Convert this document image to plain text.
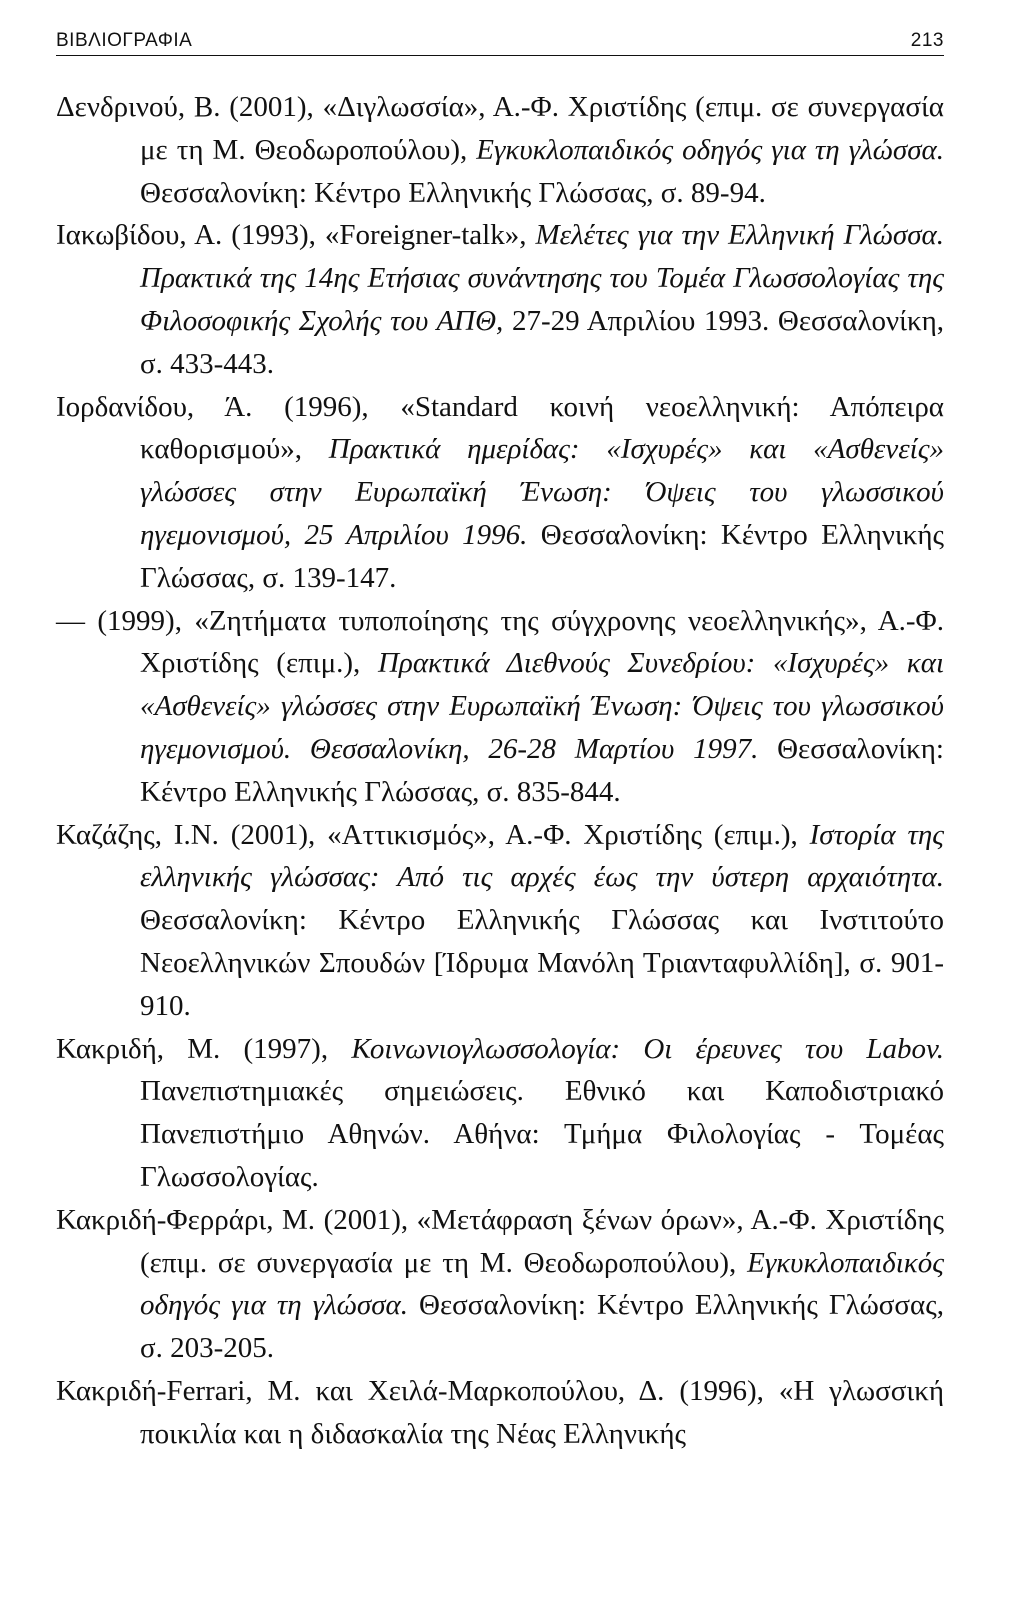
ΒΙΒΛΙΟΓΡΑΦΙΑ	213

Δενδρινού, Β. (2001), «Διγλωσσία», Α.-Φ. Χριστίδης (επιμ. σε συνεργασία με τη Μ. Θεοδωροπούλου), Εγκυκλοπαιδικός οδηγός για τη γλώσσα. Θεσσαλονίκη: Κέντρο Ελληνικής Γλώσσας, σ. 89-94.

Ιακωβίδου, Α. (1993), «Foreigner-talk», Μελέτες για την Ελληνική Γλώσσα. Πρακτικά της 14ης Ετήσιας συνάντησης του Τομέα Γλωσσολογίας της Φιλοσοφικής Σχολής του ΑΠΘ, 27-29 Απριλίου 1993. Θεσσαλονίκη, σ. 433-443.

Ιορδανίδου, Ά. (1996), «Standard κοινή νεοελληνική: Απόπειρα καθορισμού», Πρακτικά ημερίδας: «Ισχυρές» και «Ασθενείς» γλώσσες στην Ευρωπαϊκή Ένωση: Όψεις του γλωσσικού ηγεμονισμού, 25 Απριλίου 1996. Θεσσαλονίκη: Κέντρο Ελληνικής Γλώσσας, σ. 139-147.

— (1999), «Ζητήματα τυποποίησης της σύγχρονης νεοελληνικής», Α.-Φ. Χριστίδης (επιμ.), Πρακτικά Διεθνούς Συνεδρίου: «Ισχυρές» και «Ασθενείς» γλώσσες στην Ευρωπαϊκή Ένωση: Όψεις του γλωσσικού ηγεμονισμού. Θεσσαλονίκη, 26-28 Μαρτίου 1997. Θεσσαλονίκη: Κέντρο Ελληνικής Γλώσσας, σ. 835-844.

Καζάζης, Ι.Ν. (2001), «Αττικισμός», Α.-Φ. Χριστίδης (επιμ.), Ιστορία της ελληνικής γλώσσας: Από τις αρχές έως την ύστερη αρχαιότητα. Θεσσαλονίκη: Κέντρο Ελληνικής Γλώσσας και Ινστιτούτο Νεοελληνικών Σπουδών [Ίδρυμα Μανόλη Τριανταφυλλίδη], σ. 901-910.

Κακριδή, Μ. (1997), Κοινωνιογλωσσολογία: Οι έρευνες του Labov. Πανεπιστημιακές σημειώσεις. Εθνικό και Καποδιστριακό Πανεπιστήμιο Αθηνών. Αθήνα: Τμήμα Φιλολογίας - Τομέας Γλωσσολογίας.

Κακριδή-Φερράρι, Μ. (2001), «Μετάφραση ξένων όρων», Α.-Φ. Χριστίδης (επιμ. σε συνεργασία με τη Μ. Θεοδωροπούλου), Εγκυκλοπαιδικός οδηγός για τη γλώσσα. Θεσσαλονίκη: Κέντρο Ελληνικής Γλώσσας, σ. 203-205.

Κακριδή-Ferrari, Μ. και Χειλά-Μαρκοπούλου, Δ. (1996), «Η γλωσσική ποικιλία και η διδασκαλία της Νέας Ελληνικής
